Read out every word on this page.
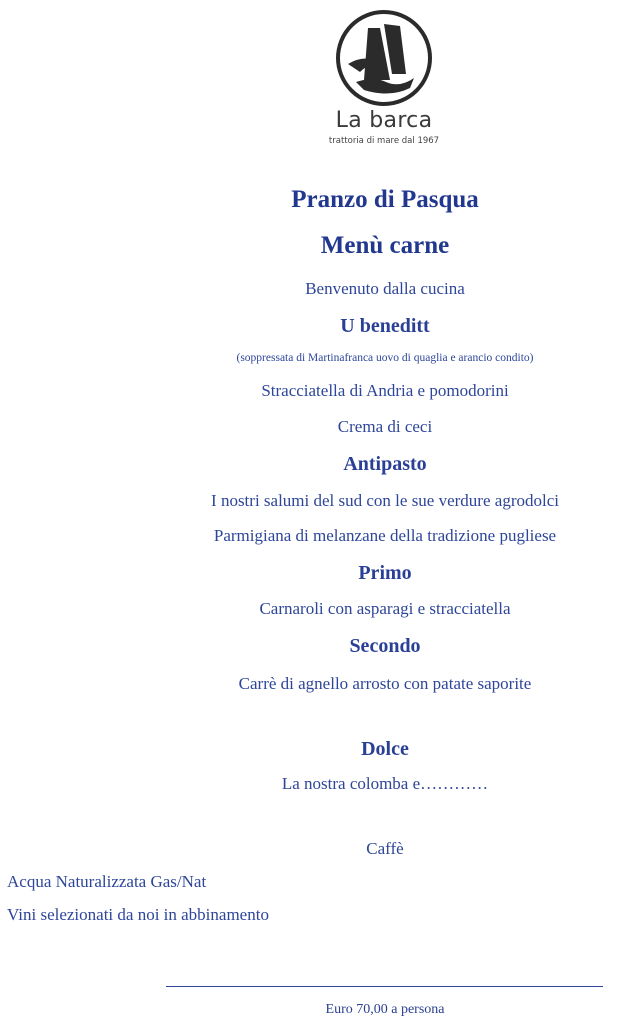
La barca
trattoria di mare dal 1967
Pranzo di Pasqua
Menù carne
Benvenuto dalla cucina
U beneditt
(soppressata di Martinafranca uovo di quaglia e arancio condito)
Stracciatella di Andria e pomodorini
Crema di ceci
Antipasto
I nostri salumi del sud con le sue verdure agrodolci
Parmigiana di melanzane della tradizione pugliese
Primo
Carnaroli con asparagi e stracciatella
Secondo
Carrè di agnello arrosto con patate saporite
Dolce
La nostra colomba e…………
Caffè
Acqua Naturalizzata Gas/Nat
Vini selezionati da noi in abbinamento
Euro 70,00 a persona
